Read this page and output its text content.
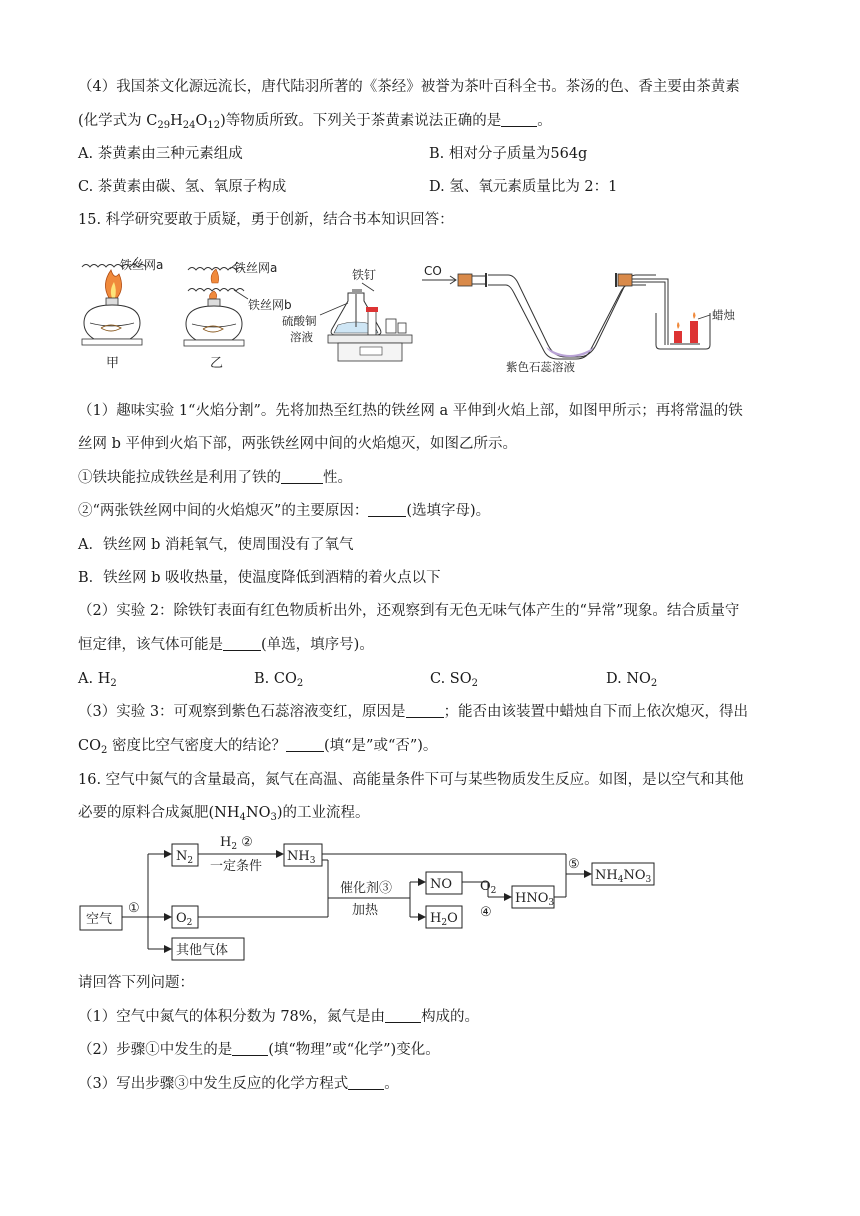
（4）我国茶文化源远流长，唐代陆羽所著的《茶经》被誉为茶叶百科全书。茶汤的色、香主要由茶黄素
(化学式为 $C_{29}H_{24}O_{12}$)等物质所致。下列关于茶黄素说法正确的是 。
A. 茶黄素由三种元素组成	B. 相对分子质量为564g
C. 茶黄素由碳、氢、氧原子构成	D. 氢、氧元素质量比为 2：1
15. 科学研究要敢于质疑，勇于创新，结合书本知识回答：
铁丝网a
甲
铁丝网a
铁丝网b
乙
铁钉
硫酸铜
溶液
CO
紫色石蕊溶液
蜡烛
（1）趣味实验 1“火焰分割”。先将加热至红热的铁丝网 a 平伸到火焰上部，如图甲所示；再将常温的铁
丝网 b 平伸到火焰下部，两张铁丝网中间的火焰熄灭，如图乙所示。
①铁块能拉成铁丝是利用了铁的	性。
②“两张铁丝网中间的火焰熄灭”的主要原因：	(选填字母)。
A．铁丝网 b 消耗氧气，使周围没有了氧气
B．铁丝网 b 吸收热量，使温度降低到酒精的着火点以下
（2）实验 2：除铁钉表面有红色物质析出外，还观察到有无色无味气体产生的“异常”现象。结合质量守
恒定律，该气体可能是	(单选，填序号)。
A. $H_2$	B. $CO_2$	C. $SO_2$	D. $NO_2$
（3）实验 3：可观察到紫色石蕊溶液变红，原因是	；能否由该装置中蜡烛自下而上依次熄灭，得出
$CO_2$ 密度比空气密度大的结论？	(填“是”或“否”)。
16. 空气中氮气的含量最高，氮气在高温、高能量条件下可与某些物质发生反应。如图，是以空气和其他
必要的原料合成氮肥$(NH_4NO_3)$的工业流程。
空气
①
$N_2$
$O_2$
其他气体
$H_2$ ②
一定条件
$NH_3$
催化剂③
加热
NO
$H_2O$
$O_2$
④
$HNO_3$
⑤
$NH_4NO_3$
请回答下列问题：
（1）空气中氮气的体积分数为 78%，氮气是由 构成的。
（2）步骤①中发生的是 (填“物理”或“化学”)变化。
（3）写出步骤③中发生反应的化学方程式 。
